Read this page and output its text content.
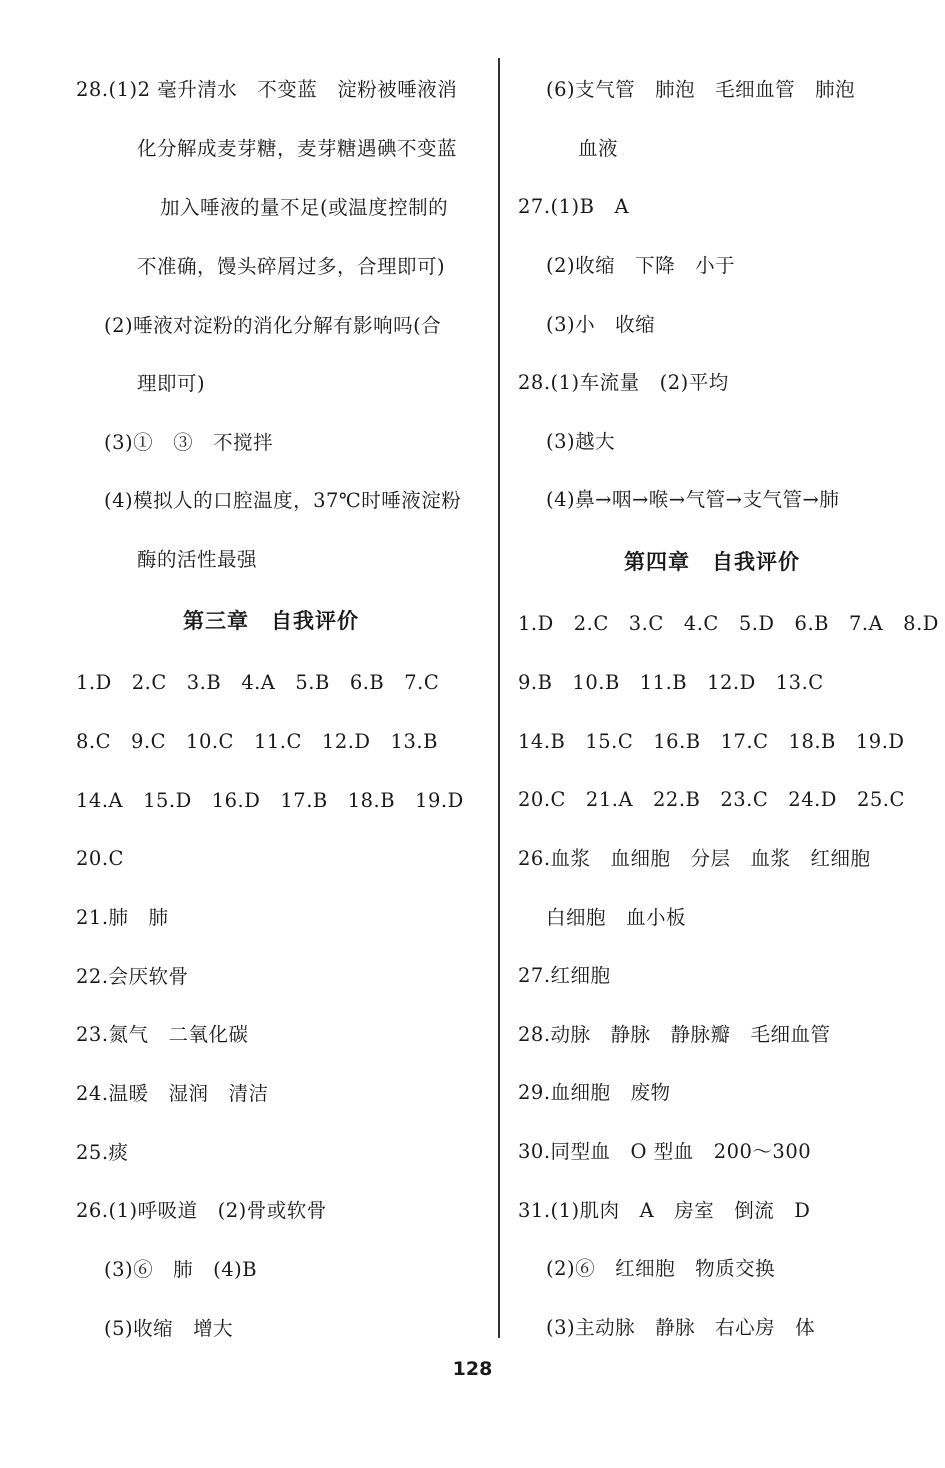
28.(1)2 毫升清水　不变蓝　淀粉被唾液消
化分解成麦芽糖，麦芽糖遇碘不变蓝
加入唾液的量不足(或温度控制的
不准确，馒头碎屑过多，合理即可)
(2)唾液对淀粉的消化分解有影响吗(合
理即可)
(3)①　③　不搅拌
(4)模拟人的口腔温度，37℃时唾液淀粉
酶的活性最强
第三章　自我评价
1.D　2.C　3.B　4.A　5.B　6.B　7.C
8.C　9.C　10.C　11.C　12.D　13.B
14.A　15.D　16.D　17.B　18.B　19.D
20.C
21.肺　肺
22.会厌软骨
23.氮气　二氧化碳
24.温暖　湿润　清洁
25.痰
26.(1)呼吸道　(2)骨或软骨
(3)⑥　肺　(4)B
(5)收缩　增大
(6)支气管　肺泡　毛细血管　肺泡
血液
27.(1)B　A
(2)收缩　下降　小于
(3)小　收缩
28.(1)车流量　(2)平均
(3)越大
(4)鼻→咽→喉→气管→支气管→肺
第四章　自我评价
1.D　2.C　3.C　4.C　5.D　6.B　7.A　8.D
9.B　10.B　11.B　12.D　13.C
14.B　15.C　16.B　17.C　18.B　19.D
20.C　21.A　22.B　23.C　24.D　25.C
26.血浆　血细胞　分层　血浆　红细胞
白细胞　血小板
27.红细胞
28.动脉　静脉　静脉瓣　毛细血管
29.血细胞　废物
30.同型血　O 型血　200～300
31.(1)肌肉　A　房室　倒流　D
(2)⑥　红细胞　物质交换
(3)主动脉　静脉　右心房　体
128
